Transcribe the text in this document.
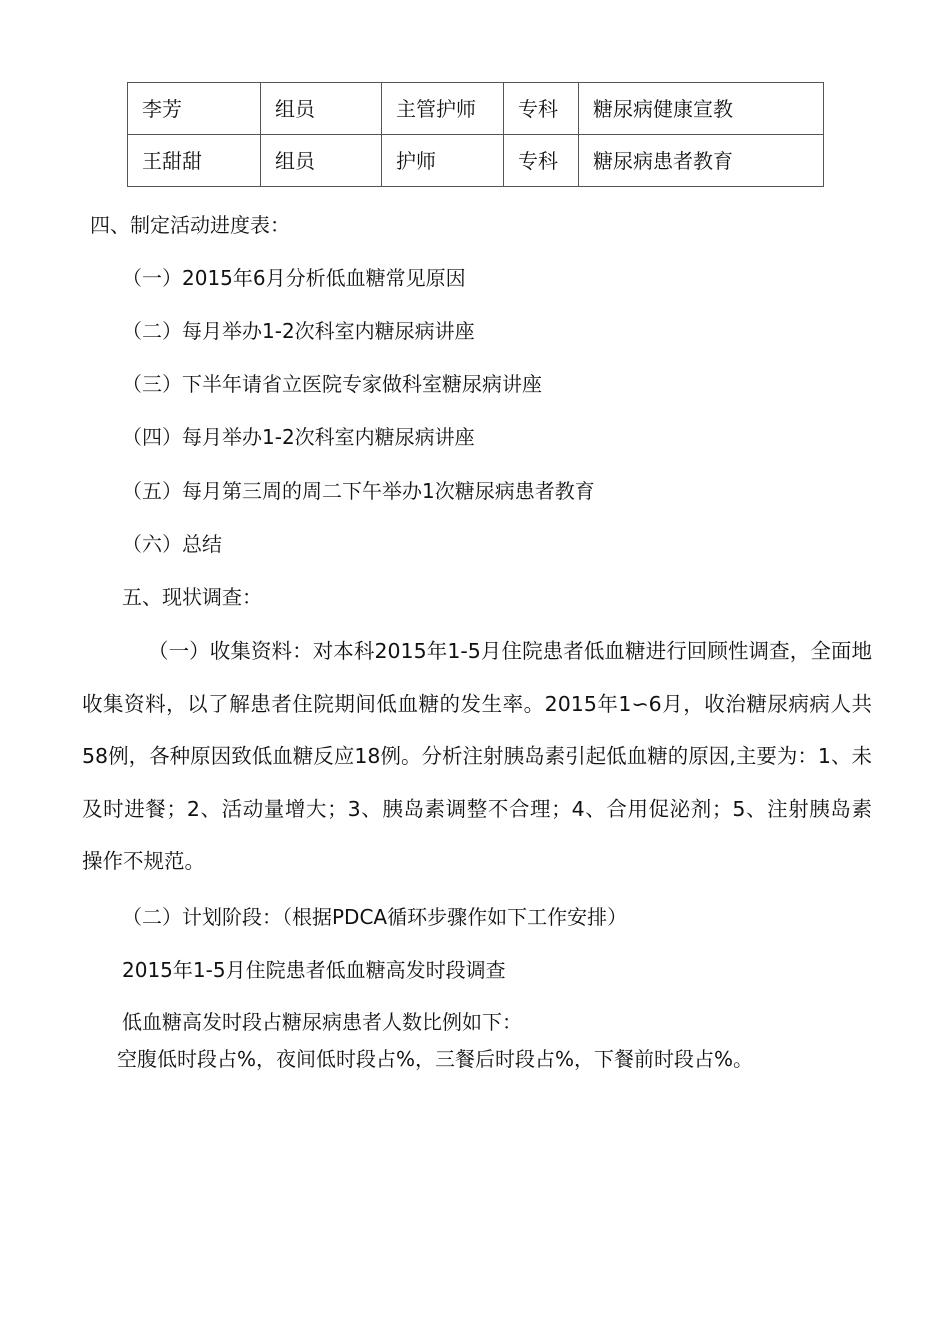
李芳	组员	主管护师	专科	糖尿病健康宣教
王甜甜	组员	护师	专科	糖尿病患者教育
四、制定活动进度表：
（一）2015年6月分析低血糖常见原因
（二）每月举办1-2次科室内糖尿病讲座
（三）下半年请省立医院专家做科室糖尿病讲座
（四）每月举办1-2次科室内糖尿病讲座
（五）每月第三周的周二下午举办1次糖尿病患者教育
（六）总结
五、现状调查：
（一）收集资料：对本科2015年1-5月住院患者低血糖进行回顾性调查，全面地收集资料，以了解患者住院期间低血糖的发生率。2015年1∽6月，收治糖尿病病人共58例，各种原因致低血糖反应18例。分析注射胰岛素引起低血糖的原因,主要为：1、未及时进餐；2、活动量增大；3、胰岛素调整不合理；4、合用促泌剂；5、注射胰岛素操作不规范。
（二）计划阶段：（根据PDCA循环步骤作如下工作安排）
2015年1-5月住院患者低血糖高发时段调查
低血糖高发时段占糖尿病患者人数比例如下：
空腹低时段占%，夜间低时段占%，三餐后时段占%，下餐前时段占%。
